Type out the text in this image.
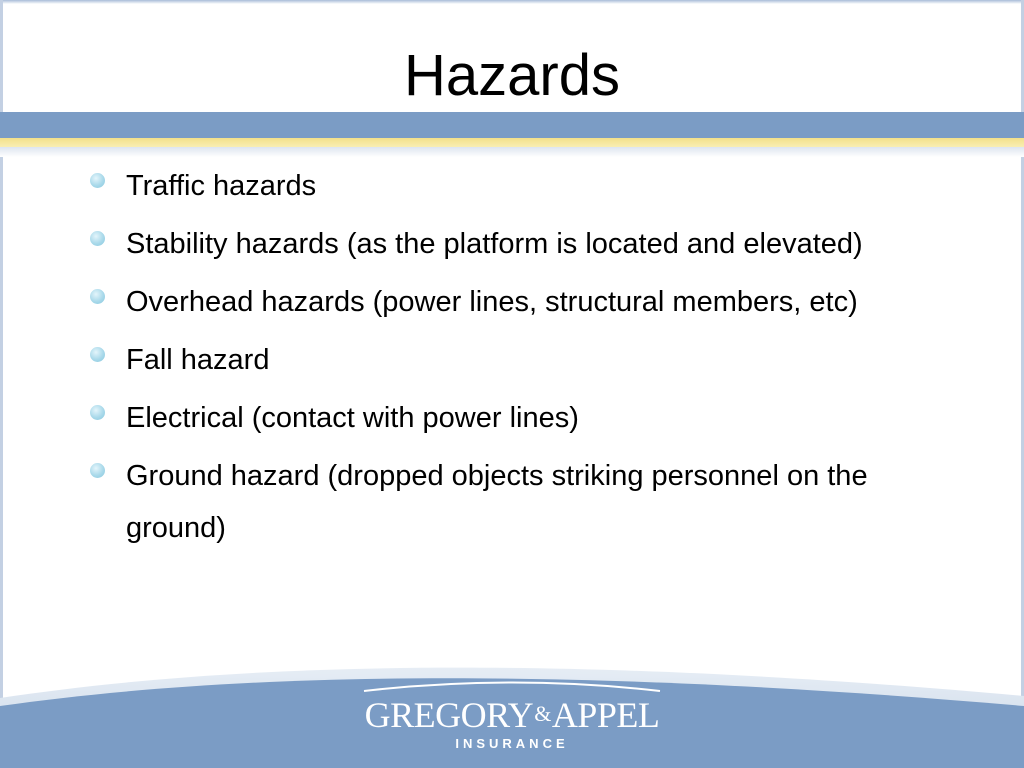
Hazards
Traffic hazards
Stability hazards (as the platform is located and elevated)
Overhead hazards (power lines, structural members, etc)
Fall hazard
Electrical (contact with power lines)
Ground hazard (dropped objects striking personnel on the ground)
GREGORY&APPEL
INSURANCE
